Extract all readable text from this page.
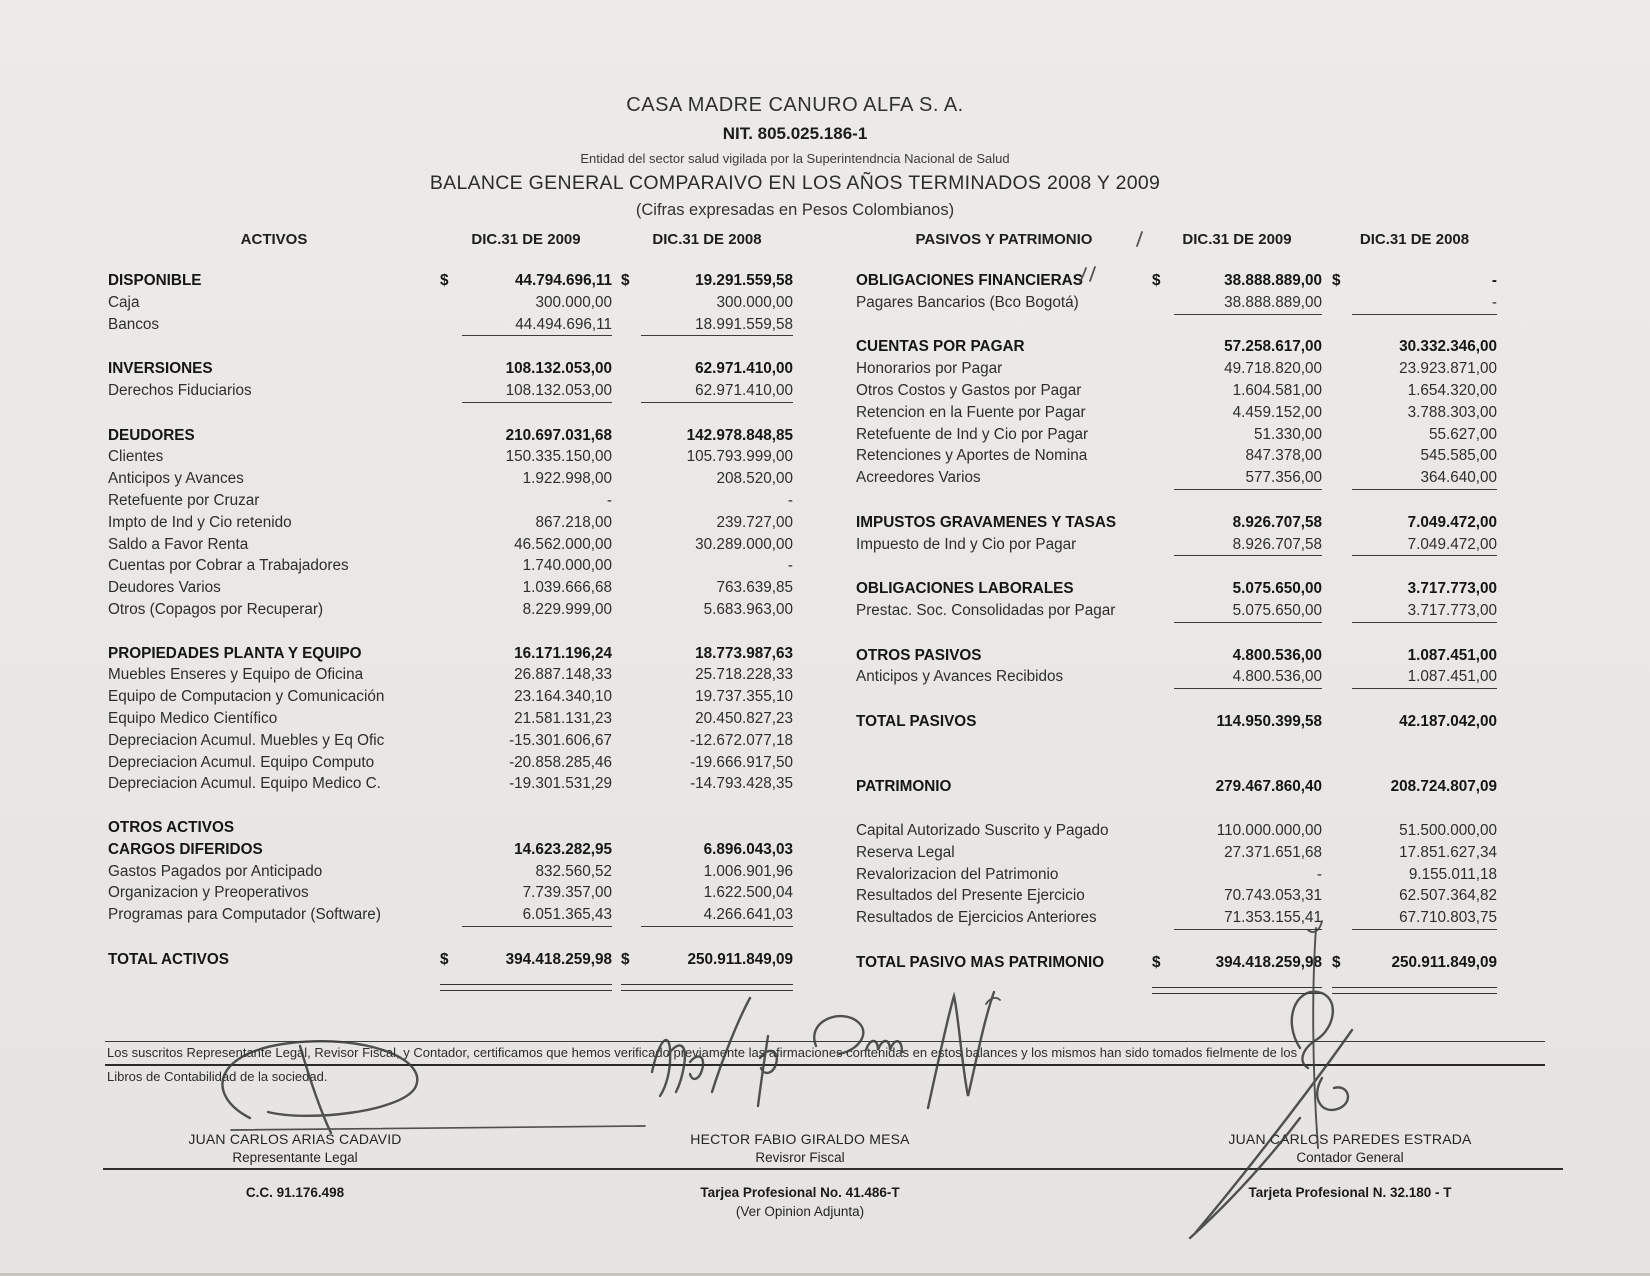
CASA MADRE CANURO ALFA S. A.
NIT. 805.025.186-1
Entidad del sector salud vigilada por la Superintendncia Nacional de Salud
BALANCE GENERAL COMPARAIVO EN LOS AÑOS TERMINADOS 2008 Y 2009
(Cifras expresadas en Pesos Colombianos)
ACTIVOS	DIC.31 DE 2009	DIC.31 DE 2008
DISPONIBLE	$	44.794.696,11 $	19.291.559,58
Caja	300.000,00	300.000,00
Bancos	44.494.696,11	18.991.559,58
INVERSIONES	108.132.053,00	62.971.410,00
Derechos Fiduciarios	108.132.053,00	62.971.410,00
DEUDORES	210.697.031,68	142.978.848,85
Clientes	150.335.150,00	105.793.999,00
Anticipos y Avances	1.922.998,00	208.520,00
Retefuente por Cruzar	-	-
Impto de Ind y Cio retenido	867.218,00	239.727,00
Saldo a Favor Renta	46.562.000,00	30.289.000,00
Cuentas por Cobrar a Trabajadores	1.740.000,00	-
Deudores Varios	1.039.666,68	763.639,85
Otros (Copagos por Recuperar)	8.229.999,00	5.683.963,00
PROPIEDADES PLANTA Y EQUIPO	16.171.196,24	18.773.987,63
Muebles Enseres y Equipo de Oficina	26.887.148,33	25.718.228,33
Equipo de Computacion y Comunicación	23.164.340,10	19.737.355,10
Equipo Medico Científico	21.581.131,23	20.450.827,23
Depreciacion Acumul. Muebles y Eq Ofic	-15.301.606,67	-12.672.077,18
Depreciacion Acumul. Equipo Computo	-20.858.285,46	-19.666.917,50
Depreciacion Acumul. Equipo Medico C.	-19.301.531,29	-14.793.428,35
OTROS ACTIVOS
CARGOS DIFERIDOS	14.623.282,95	6.896.043,03
Gastos Pagados por Anticipado	832.560,52	1.006.901,96
Organizacion y Preoperativos	7.739.357,00	1.622.500,04
Programas para Computador (Software)	6.051.365,43	4.266.641,03
TOTAL ACTIVOS	$	394.418.259,98 $	250.911.849,09
PASIVOS Y PATRIMONIO	DIC.31 DE 2009	DIC.31 DE 2008
OBLIGACIONES FINANCIERAS	$	38.888.889,00 $	-
Pagares Bancarios (Bco Bogotá)	38.888.889,00	-
CUENTAS POR PAGAR	57.258.617,00	30.332.346,00
Honorarios por Pagar	49.718.820,00	23.923.871,00
Otros Costos y Gastos por Pagar	1.604.581,00	1.654.320,00
Retencion en la Fuente por Pagar	4.459.152,00	3.788.303,00
Retefuente de Ind y Cio por Pagar	51.330,00	55.627,00
Retenciones y Aportes de Nomina	847.378,00	545.585,00
Acreedores Varios	577.356,00	364.640,00
IMPUSTOS GRAVAMENES Y TASAS	8.926.707,58	7.049.472,00
Impuesto de Ind y Cio por Pagar	8.926.707,58	7.049.472,00
OBLIGACIONES LABORALES	5.075.650,00	3.717.773,00
Prestac. Soc. Consolidadas por Pagar	5.075.650,00	3.717.773,00
OTROS PASIVOS	4.800.536,00	1.087.451,00
Anticipos y Avances Recibidos	4.800.536,00	1.087.451,00
TOTAL PASIVOS	114.950.399,58	42.187.042,00
PATRIMONIO	279.467.860,40	208.724.807,09
Capital Autorizado Suscrito y Pagado	110.000.000,00	51.500.000,00
Reserva Legal	27.371.651,68	17.851.627,34
Revalorizacion del Patrimonio	-	9.155.011,18
Resultados del Presente Ejercicio	70.743.053,31	62.507.364,82
Resultados de Ejercicios Anteriores	71.353.155,41	67.710.803,75
TOTAL PASIVO MAS PATRIMONIO	$	394.418.259,98 $	250.911.849,09
Los suscritos Representante Legal, Revisor Fiscal, y Contador, certificamos que hemos verificado previamente las afirmaciones contenidas en estos balances y los mismos han sido tomados fielmente de los
Libros de Contabilidad de la sociedad.
JUAN CARLOS ARIAS CADAVID
Representante Legal
C.C. 91.176.498
HECTOR FABIO GIRALDO MESA
Revisror Fiscal
Tarjea Profesional No. 41.486-T
(Ver Opinion Adjunta)
JUAN CARLOS PAREDES ESTRADA
Contador General
Tarjeta Profesional N. 32.180 - T
